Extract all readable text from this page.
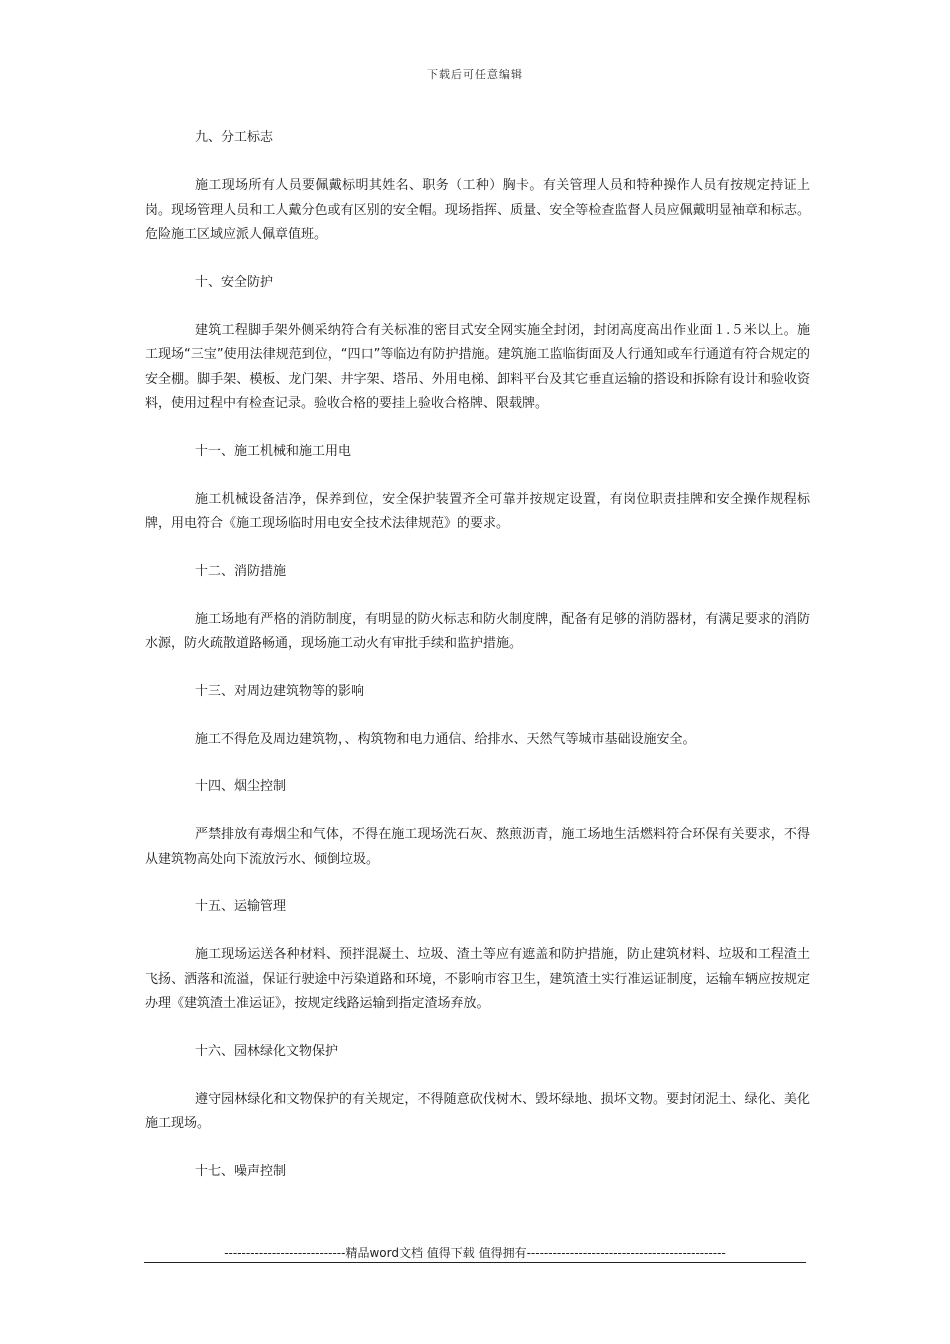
下载后可任意编辑
九、分工标志

施工现场所有人员要佩戴标明其姓名、职务（工种）胸卡。有关管理人员和特种操作人员有按规定持证上岗。现场管理人员和工人戴分色或有区别的安全帽。现场指挥、质量、安全等检查监督人员应佩戴明显袖章和标志。危险施工区域应派人佩章值班。

十、安全防护

建筑工程脚手架外侧采纳符合有关标准的密目式安全网实施全封闭，封闭高度高出作业面１.５米以上。施工现场“三宝”使用法律规范到位，“四口”等临边有防护措施。建筑施工监临街面及人行通知或车行通道有符合规定的安全棚。脚手架、模板、龙门架、井字架、塔吊、外用电梯、卸料平台及其它垂直运输的搭设和拆除有设计和验收资料，使用过程中有检查记录。验收合格的要挂上验收合格牌、限载牌。

十一、施工机械和施工用电

施工机械设备洁净，保养到位，安全保护装置齐全可靠并按规定设置，有岗位职责挂牌和安全操作规程标牌，用电符合《施工现场临时用电安全技术法律规范》的要求。

十二、消防措施

施工场地有严格的消防制度，有明显的防火标志和防火制度牌，配备有足够的消防器材，有满足要求的消防水源，防火疏散道路畅通，现场施工动火有审批手续和监护措施。

十三、对周边建筑物等的影响

施工不得危及周边建筑物，、构筑物和电力通信、给排水、天然气等城市基础设施安全。

十四、烟尘控制

严禁排放有毒烟尘和气体，不得在施工现场洗石灰、熬煎沥青，施工场地生活燃料符合环保有关要求，不得从建筑物高处向下流放污水、倾倒垃圾。

十五、运输管理

施工现场运送各种材料、预拌混凝土、垃圾、渣土等应有遮盖和防护措施，防止建筑材料、垃圾和工程渣土飞扬、洒落和流溢，保证行驶途中污染道路和环境，不影响市容卫生，建筑渣土实行准运证制度，运输车辆应按规定办理《建筑渣土准运证》，按规定线路运输到指定渣场弃放。

十六、园林绿化文物保护

遵守园林绿化和文物保护的有关规定，不得随意砍伐树木、毁坏绿地、损坏文物。要封闭泥土、绿化、美化施工现场。

十七、噪声控制
----------------------------精品word文档 值得下载 值得拥有----------------------------------------------
